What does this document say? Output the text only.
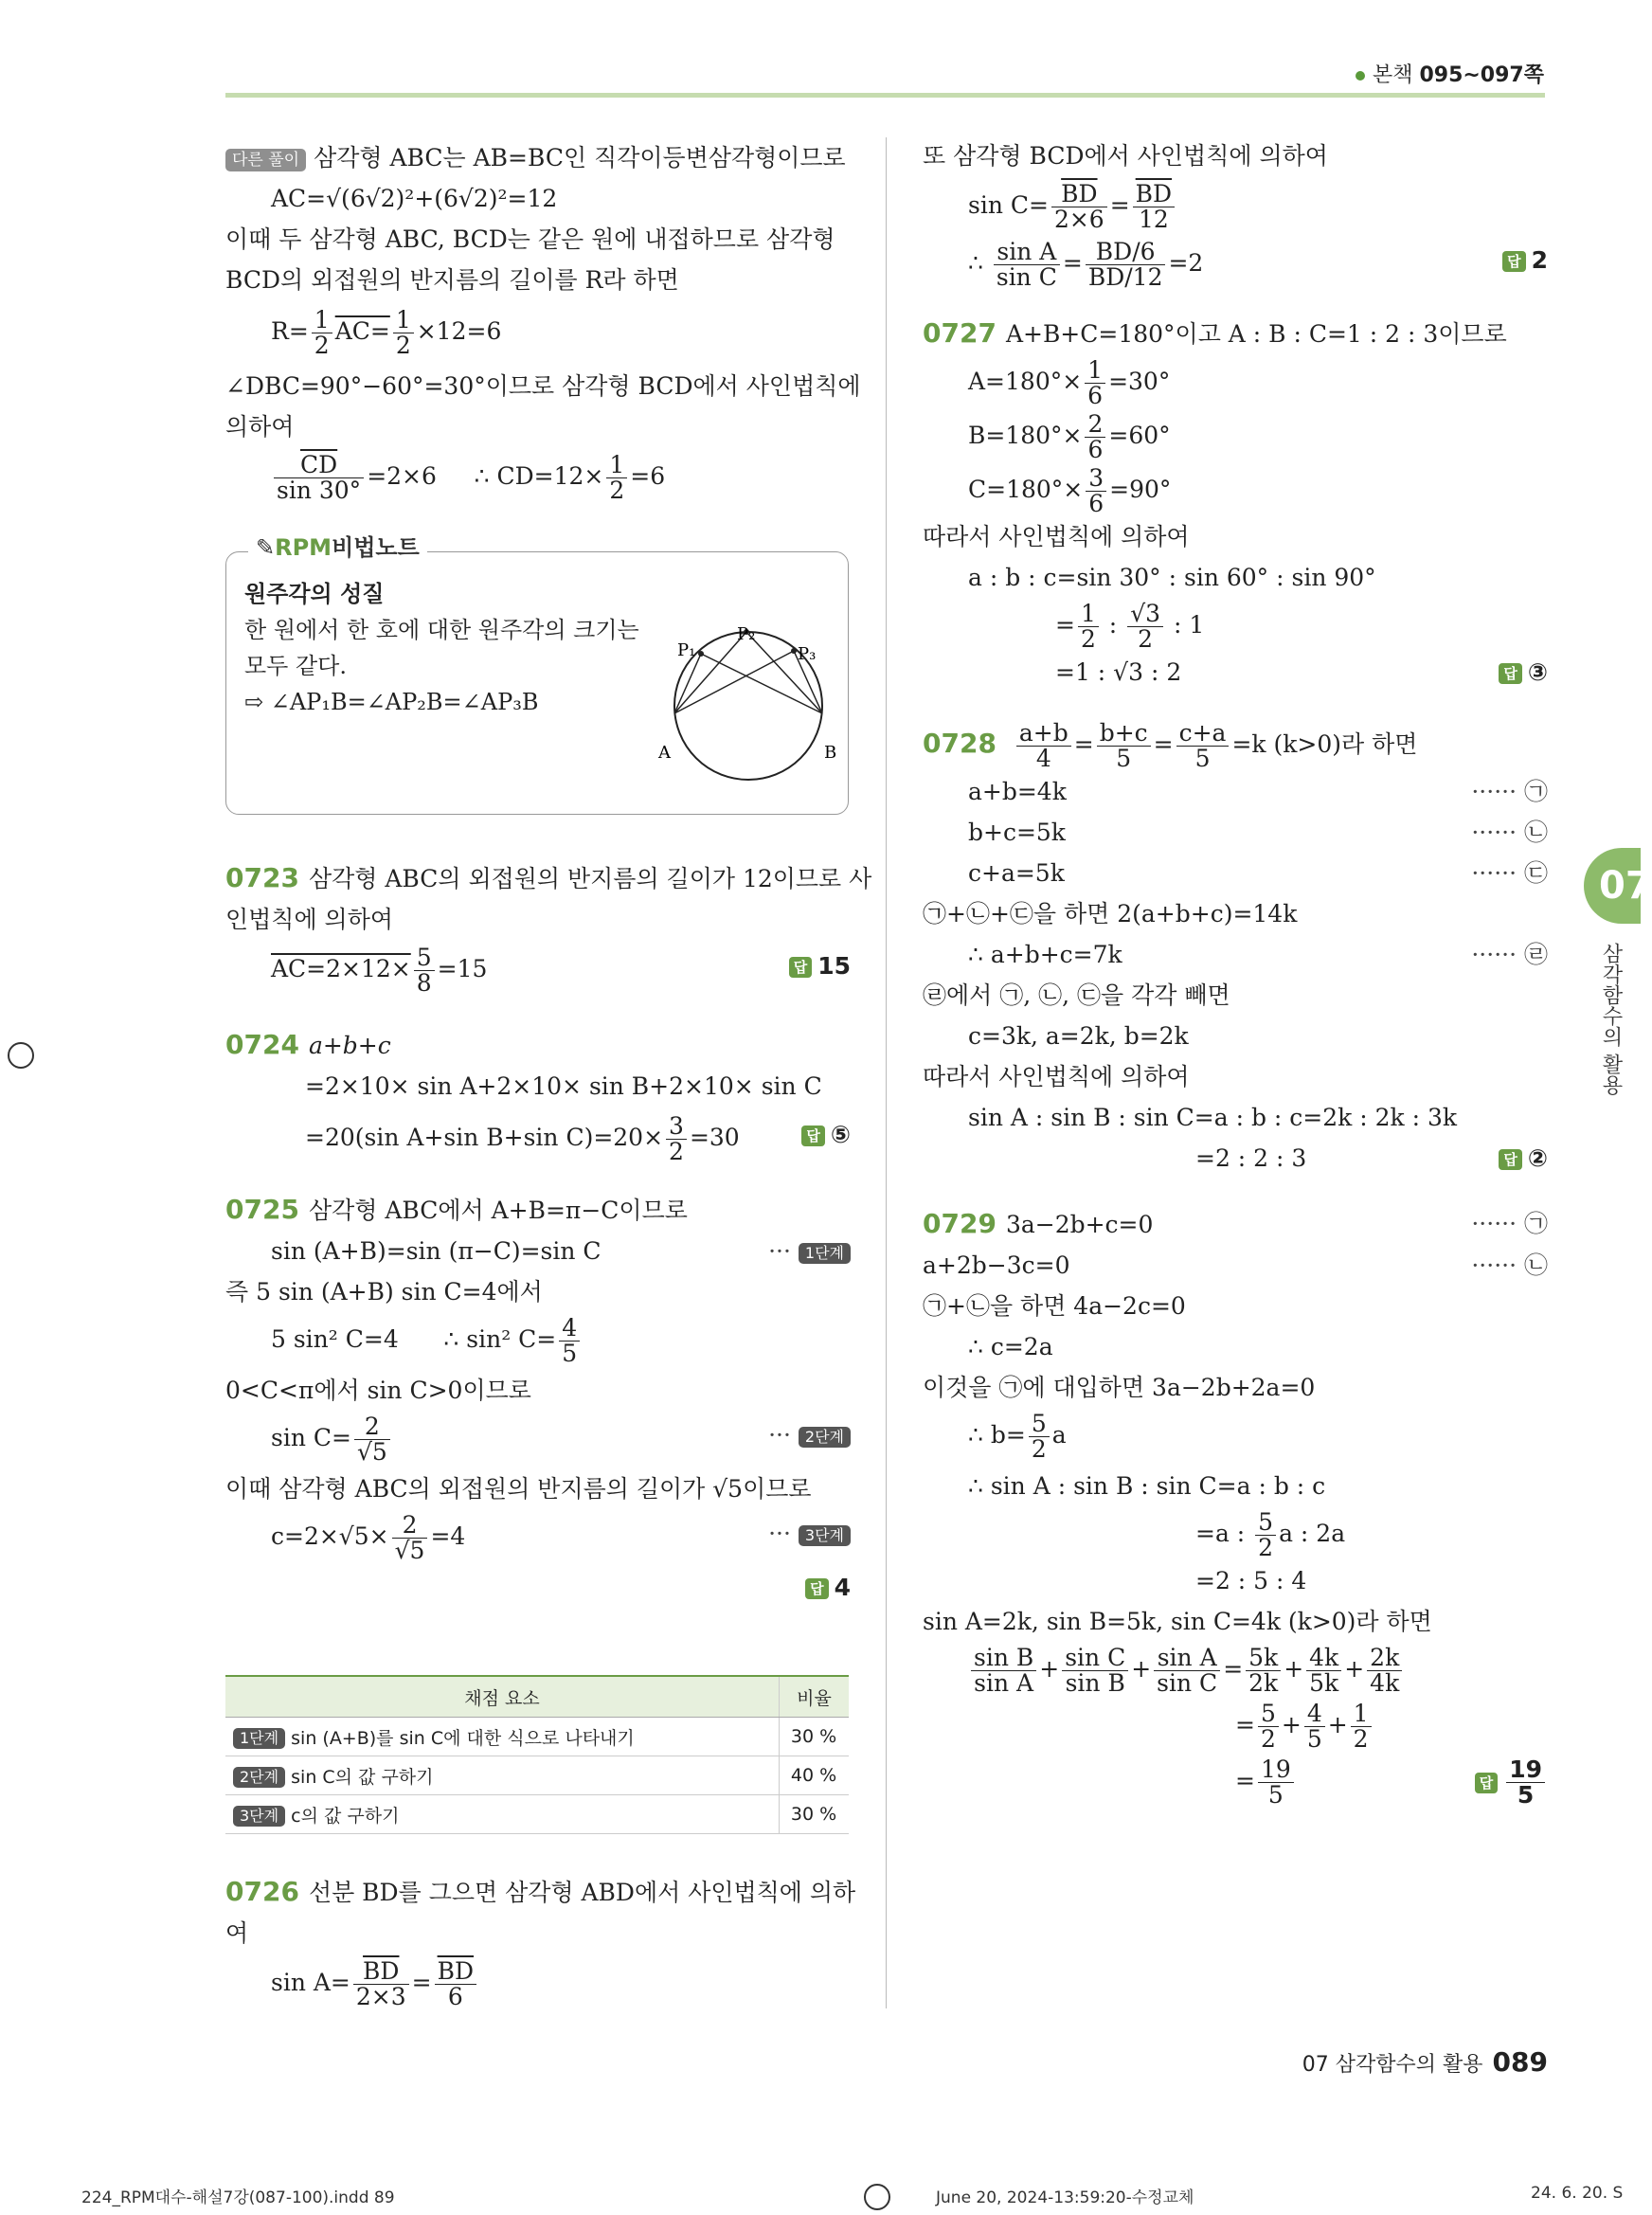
본책 095~097쪽

다른 풀이 삼각형 ABC는 AB=BC인 직각이등변삼각형이므로

AC=√(6√2)²+(6√2)²=12

이때 두 삼각형 ABC, BCD는 같은 원에 내접하므로 삼각형

BCD의 외접원의 반지름의 길이를 R라 하면

$R= \frac{1}{2} AC= \frac{1}{2} \times 12=6$

∠DBC=90°−60°=30°이므로 삼각형 BCD에서 사인법칙에

의하여

$\frac{\overline{CD}}{\sin 30^\circ} =2\times 6$ ∴ $CD=12\times \frac{1}{2} =6$

✎RPM비법노트
원주각의 성질
한 원에서 한 호에 대한 원주각의 크기는
모두 같다.
⇨ ∠AP₁B=∠AP₂B=∠AP₃B
A	B
P₁
P₂
P₃

0723 삼각형 ABC의 외접원의 반지름의 길이가 12이므로 사

인법칙에 의하여

$AC=2\times 12\times \frac{5}{8} =15$	답 15

0724 a+b+c

=2×10× sin A+2×10× sin B+2×10× sin C

=20(sin A+sin B+sin $C)=20\times \frac{3}{2} =30$	답 ⑤

0725 삼각형 ABC에서 A+B=π−C이므로

sin (A+B)=sin (π−C)=sin C	··· 1단계

즉 5 sin (A+B) sin C=4에서

5 sin² C=4 ∴ sin² $C= \frac{4}{5}$

0<C<π에서 sin C>0이므로

$\sin C= \frac{2}{√5}$	··· 2단계

이때 삼각형 ABC의 외접원의 반지름의 길이가 √5이므로

$c=2\times√5\times \frac{2}{√5} =4$	··· 3단계

답 4

채점 요소	비율
1단계 sin (A+B)를 sin C에 대한 식으로 나타내기	30 %
2단계 sin C의 값 구하기	40 %
3단계 c의 값 구하기	30 %

0726 선분 BD를 그으면 삼각형 ABD에서 사인법칙에 의하

여

$\sin A= \frac{\overline{BD}}{2\times 3} = \frac{\overline{BD}}{6}$

또 삼각형 BCD에서 사인법칙에 의하여

$\sin C= \frac{\overline{BD}}{2\times 6} = \frac{\overline{BD}}{12}$

∴ $\frac{\text{sin A}}{\text{sin C}} = \frac{BD/6}{BD/12} =2$	답 2

0727 A+B+C=180°이고 A : B : C=1 : 2 : 3이므로

$A=180^\circ\times \frac{1}{6} =30^\circ$

$B=180^\circ\times \frac{2}{6} =60^\circ$

$C=180^\circ\times \frac{3}{6} =90^\circ$

따라서 사인법칙에 의하여

a : b : c=sin 30° : sin 60° : sin 90°

= $\frac{1}{2}$ : $\frac{√3}{2}$ : 1

=1 : √3 : 2	답 ③

$0728 \frac{a+b}{4} = \frac{b+c}{5} = \frac{c+a}{5} =k$ (k>0)라 하면

a+b=4k	······ ㉠

b+c=5k	······ ㉡

c+a=5k	······ ㉢

㉠+㉡+㉢을 하면 2(a+b+c)=14k

∴ a+b+c=7k	······ ㉣

㉣에서 ㉠, ㉡, ㉢을 각각 빼면

c=3k, a=2k, b=2k

따라서 사인법칙에 의하여

sin A : sin B : sin C=a : b : c=2k : 2k : 3k

=2 : 2 : 3	답 ②

0729 3a−2b+c=0	······ ㉠

a+2b−3c=0	······ ㉡

㉠+㉡을 하면 4a−2c=0

∴ c=2a

이것을 ㉠에 대입하면 3a−2b+2a=0

∴ $b= \frac{5}{2}$ a

∴ sin A : sin B : sin C=a : b : c

=a : $\frac{5}{2}$ a : 2a

=2 : 5 : 4

sin A=2k, sin B=5k, sin C=4k (k>0)라 하면

$\frac{\text{sin B}}{\text{sin A}} + \frac{\text{sin C}}{\text{sin B}} + \frac{\text{sin A}}{\text{sin C}} = \frac{5k}{2k} + \frac{4k}{5k} + \frac{2k}{4k}$

= $\frac{5}{2} + \frac{4}{5} + \frac{1}{2}$

= $\frac{19}{5}$	답 $\frac{19}{5}$

07
삼각함수의 활용
07 삼각함수의 활용 089
224_RPM대수-해설7강(087-100).indd 89	June 20, 2024-13:59:20-수정교체	24. 6. 20. S
